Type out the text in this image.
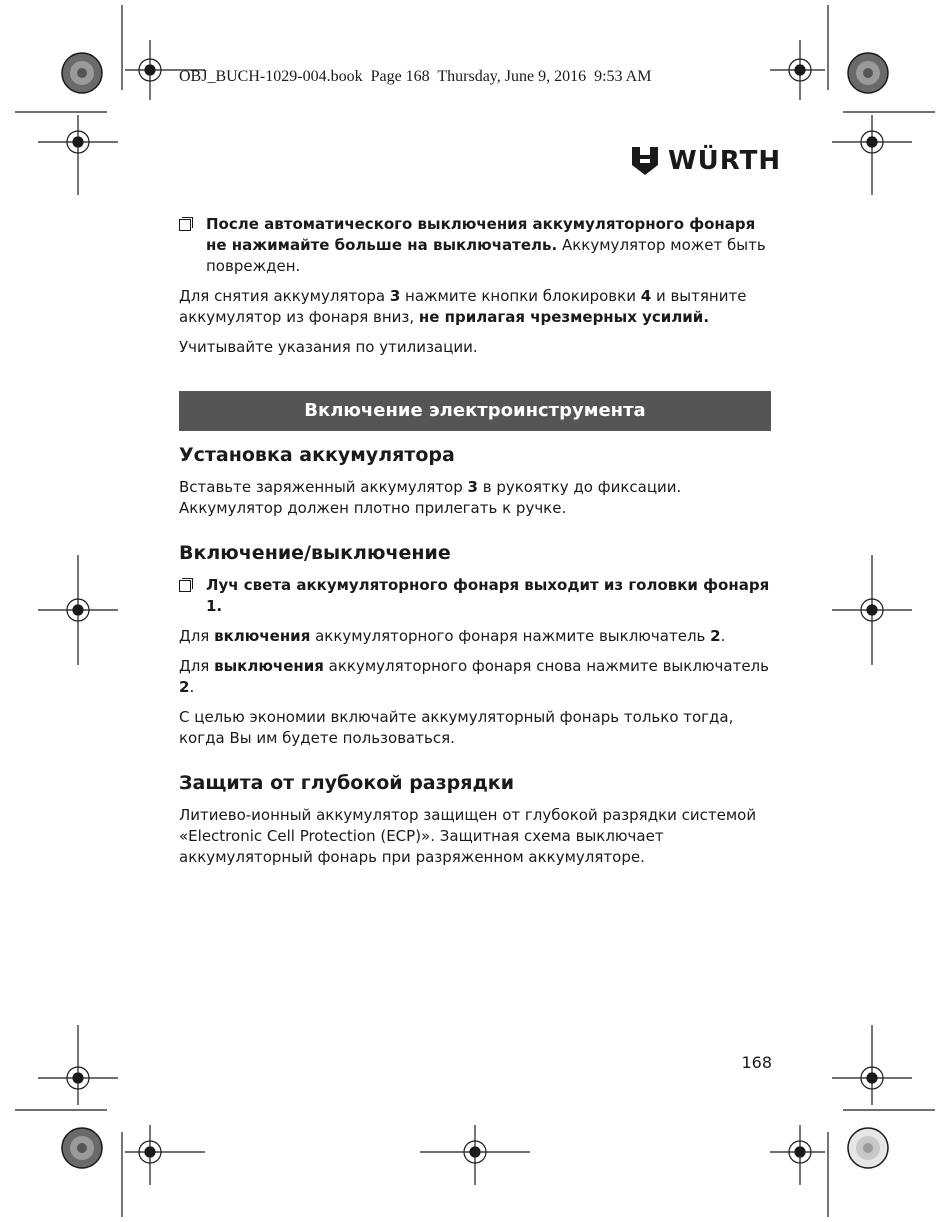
OBJ_BUCH-1029-004.book  Page 168  Thursday, June 9, 2016  9:53 AM
WÜRTH
После автоматического выключения аккумуляторного фонаря не нажимайте больше на выключатель. Аккумулятор может быть поврежден.

Для снятия аккумулятора 3 нажмите кнопки блокировки 4 и вытяните аккумулятор из фонаря вниз, не прилагая чрезмерных усилий.

Учитывайте указания по утилизации.

Включение электроинструмента
Установка аккумулятора

Вставьте заряженный аккумулятор 3 в рукоятку до фиксации. Аккумулятор должен плотно прилегать к ручке.

Включение/выключение
Луч света аккумуляторного фонаря выходит из головки фонаря 1.

Для включения аккумуляторного фонаря нажмите выключатель 2.

Для выключения аккумуляторного фонаря снова нажмите выключатель 2.

С целью экономии включайте аккумуляторный фонарь только тогда, когда Вы им будете пользоваться.

Защита от глубокой разрядки

Литиево-ионный аккумулятор защищен от глубокой разрядки системой «Electronic Cell Protection (ECP)». Защитная схема выключает аккумуляторный фонарь при разряженном аккумуляторе.

168
